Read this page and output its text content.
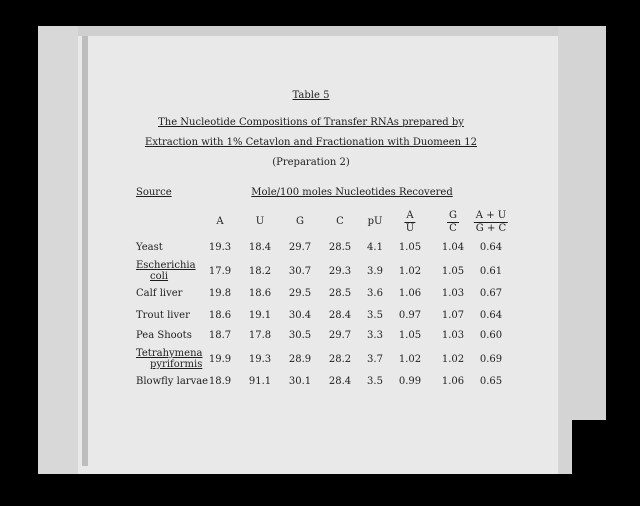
Table 5
The Nucleotide Compositions of Transfer RNAs prepared by
Extraction with 1% Cetavlon and Fractionation with Duomeen 12
(Preparation 2)
Source	Mole/100 moles Nucleotides Recovered
A	U	G	C pU $\frac{A}{U}$	$\frac{G}{C} \frac{A + U}{G + C}$
Yeast	19.3 18.4 29.7 28.5 4.1 1.05 1.04 0.64
Escherichia
coli	17.9 18.2 30.7 29.3 3.9 1.02 1.05 0.61
Calf liver	19.8 18.6 29.5 28.5 3.6 1.06 1.03 0.67
Trout liver 18.6 19.1 30.4 28.4 3.5 0.97 1.07 0.64
Pea Shoots 18.7 17.8 30.5 29.7 3.3 1.05 1.03 0.60
Tetrahymena
pyriformis 19.9 19.3 28.9 28.2 3.7 1.02 1.02 0.69
Blowfly larvae 18.9 91.1 30.1 28.4 3.5 0.99 1.06 0.65
